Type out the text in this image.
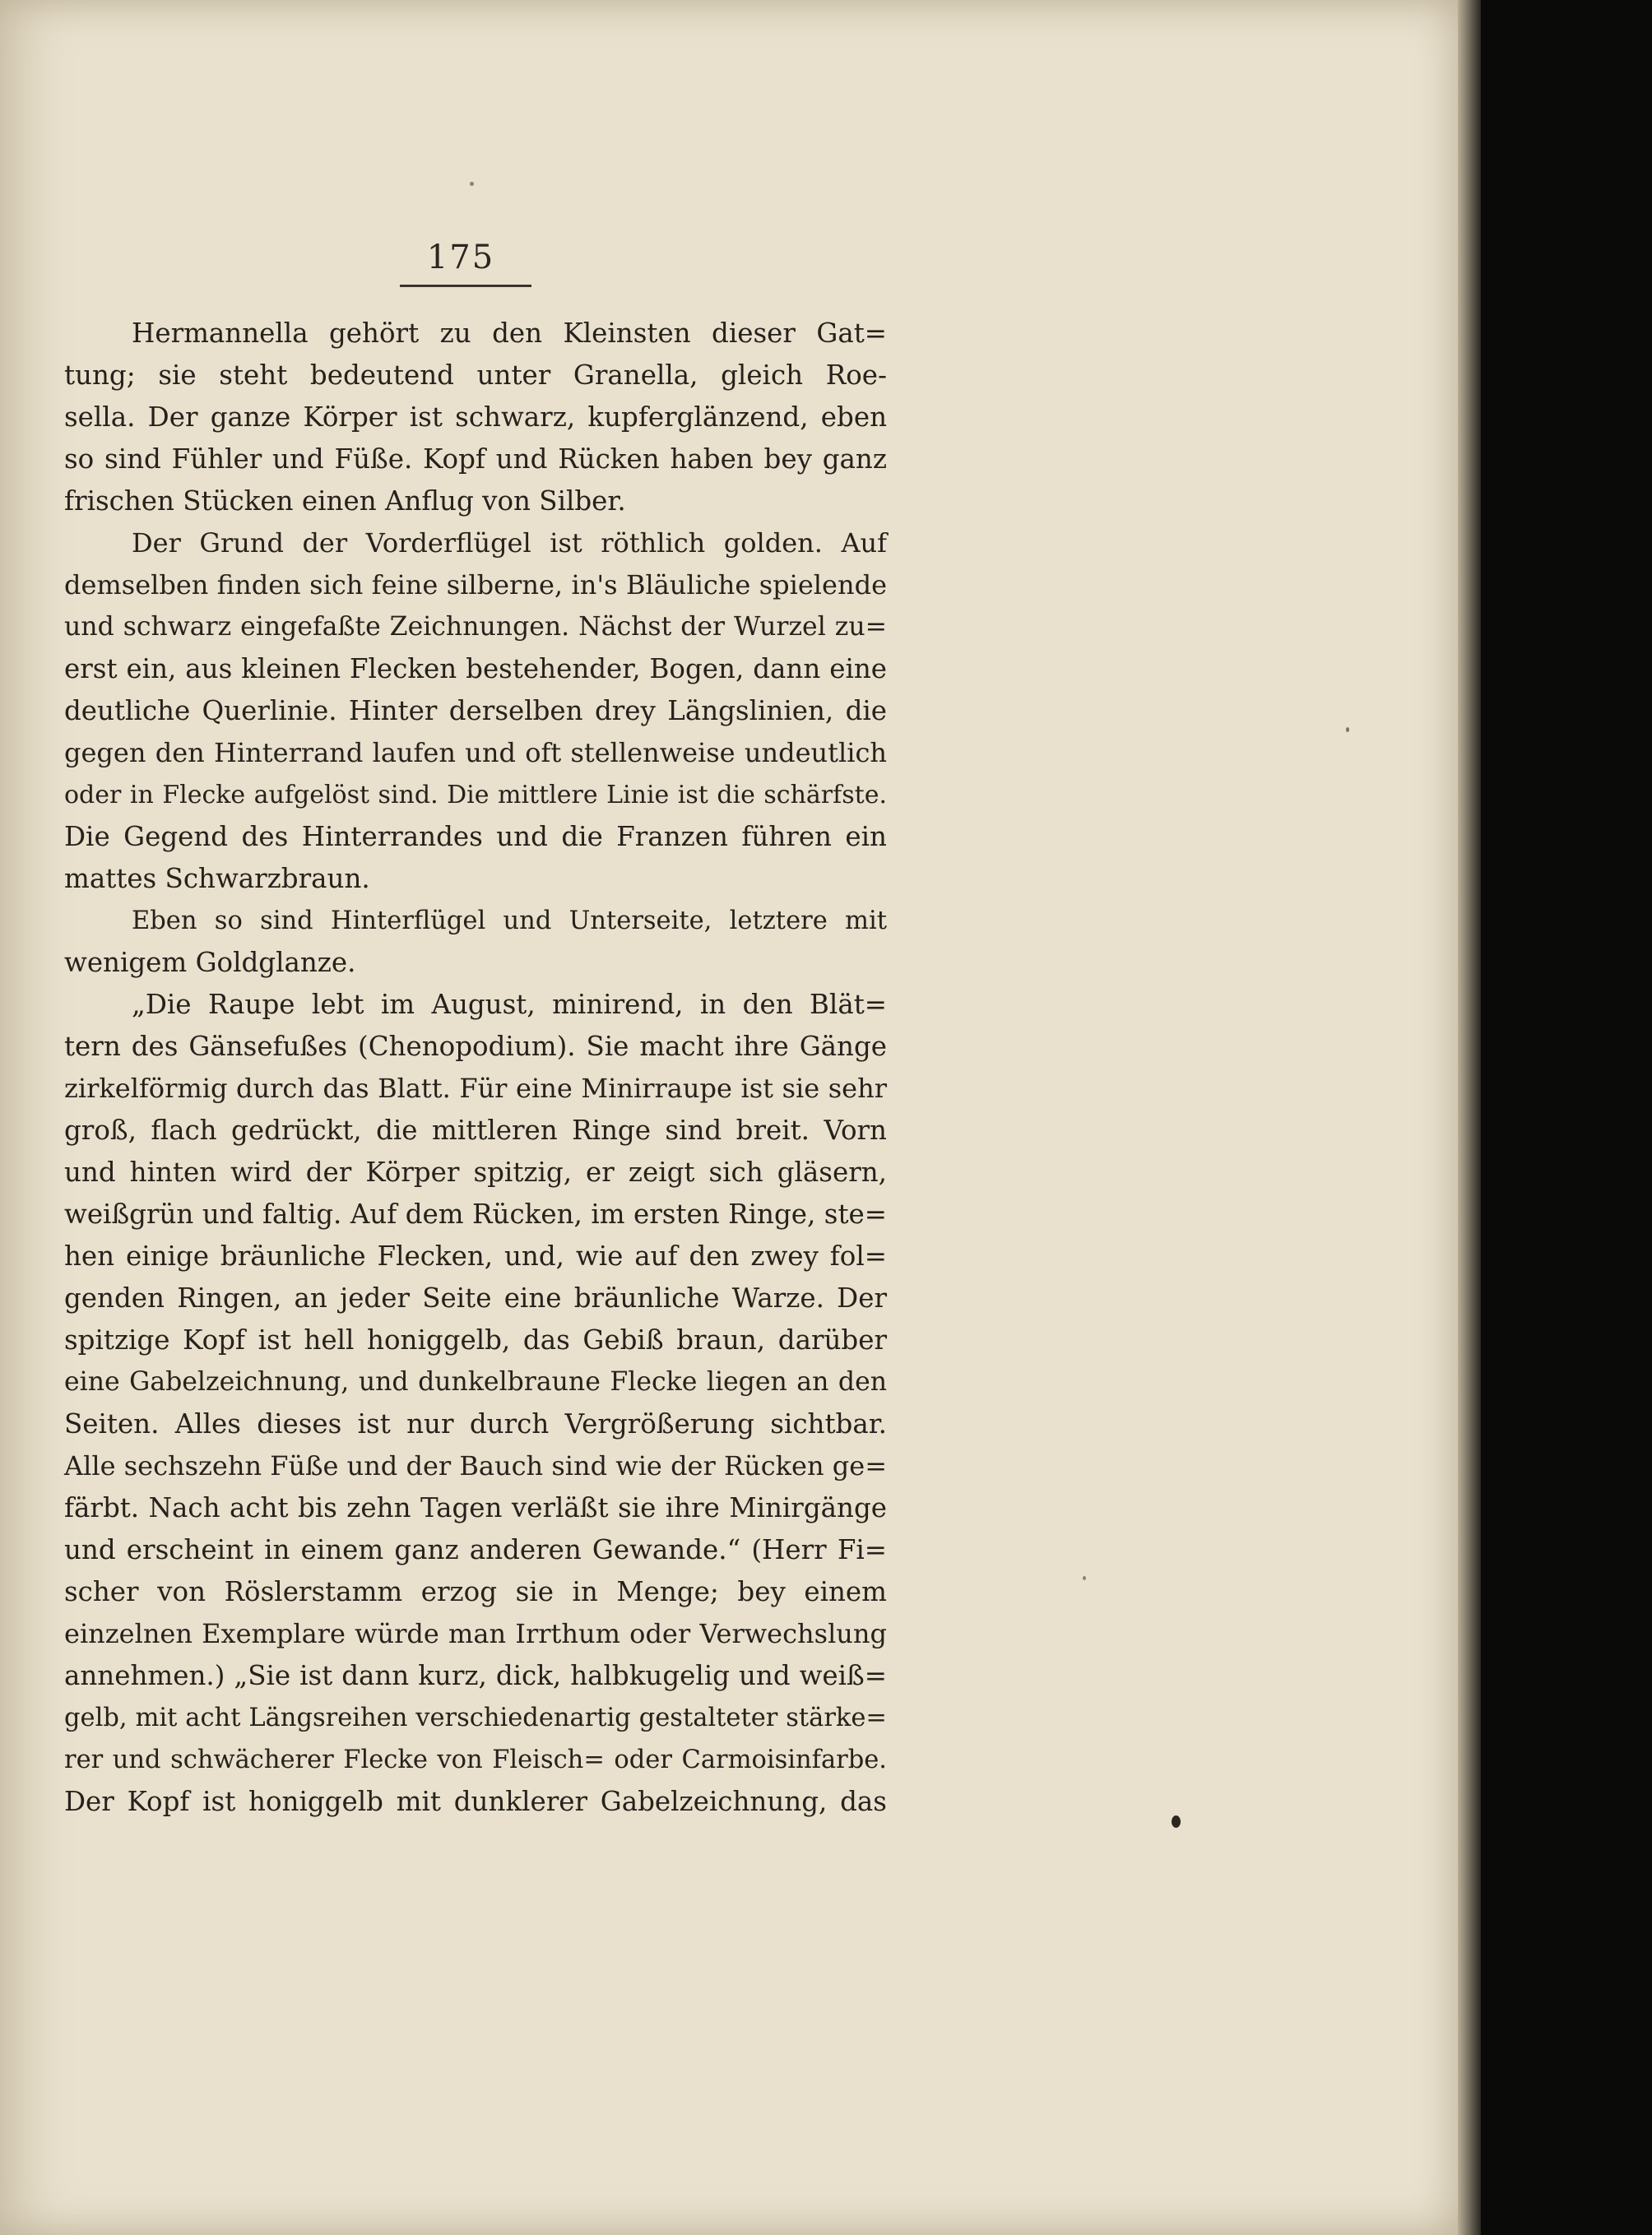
175
Hermannella gehört zu den Kleinsten dieser Gat=
tung; sie steht bedeutend unter Granella, gleich Roe-
sella. Der ganze Körper ist schwarz, kupferglänzend, eben
so sind Fühler und Füße. Kopf und Rücken haben bey ganz
frischen Stücken einen Anflug von Silber.
Der Grund der Vorderflügel ist röthlich golden. Auf
demselben finden sich feine silberne, in's Bläuliche spielende
und schwarz eingefaßte Zeichnungen. Nächst der Wurzel zu=
erst ein, aus kleinen Flecken bestehender, Bogen, dann eine
deutliche Querlinie. Hinter derselben drey Längslinien, die
gegen den Hinterrand laufen und oft stellenweise undeutlich
oder in Flecke aufgelöst sind. Die mittlere Linie ist die schärfste.
Die Gegend des Hinterrandes und die Franzen führen ein
mattes Schwarzbraun.
Eben so sind Hinterflügel und Unterseite, letztere mit
wenigem Goldglanze.
„Die Raupe lebt im August, minirend, in den Blät=
tern des Gänsefußes (Chenopodium). Sie macht ihre Gänge
zirkelförmig durch das Blatt. Für eine Minirraupe ist sie sehr
groß, flach gedrückt, die mittleren Ringe sind breit. Vorn
und hinten wird der Körper spitzig, er zeigt sich gläsern,
weißgrün und faltig. Auf dem Rücken, im ersten Ringe, ste=
hen einige bräunliche Flecken, und, wie auf den zwey fol=
genden Ringen, an jeder Seite eine bräunliche Warze. Der
spitzige Kopf ist hell honiggelb, das Gebiß braun, darüber
eine Gabelzeichnung, und dunkelbraune Flecke liegen an den
Seiten. Alles dieses ist nur durch Vergrößerung sichtbar.
Alle sechszehn Füße und der Bauch sind wie der Rücken ge=
färbt. Nach acht bis zehn Tagen verläßt sie ihre Minirgänge
und erscheint in einem ganz anderen Gewande.“ (Herr Fi=
scher von Röslerstamm erzog sie in Menge; bey einem
einzelnen Exemplare würde man Irrthum oder Verwechslung
annehmen.) „Sie ist dann kurz, dick, halbkugelig und weiß=
gelb, mit acht Längsreihen verschiedenartig gestalteter stärke=
rer und schwächerer Flecke von Fleisch= oder Carmoisinfarbe.
Der Kopf ist honiggelb mit dunklerer Gabelzeichnung, das
